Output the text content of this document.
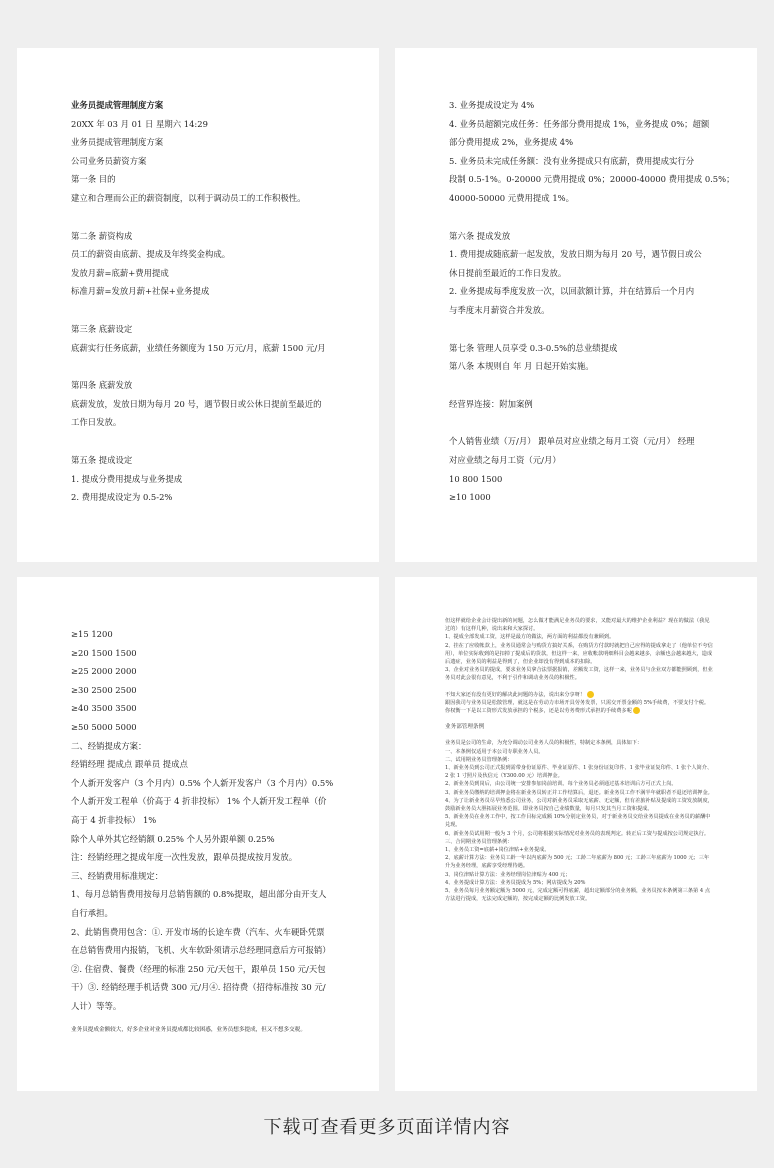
业务员提成管理制度方案
20XX 年 03 月 01 日 星期六 14:29
业务员提成管理制度方案
公司业务员薪资方案
第一条 目的
建立和合理而公正的薪资制度，以利于调动员工的工作积极性。
第二条 薪资构成
员工的薪资由底薪、提成及年终奖金构成。
发放月薪=底薪+费用提成
标准月薪=发放月薪+社保+业务提成
第三条 底薪设定
底薪实行任务底薪，业绩任务额度为 150 万元/月，底薪 1500 元/月
第四条 底薪发放
底薪发放，发放日期为每月 20 号，遇节假日或公休日提前至最近的
工作日发放。
第五条 提成设定
1. 提成分费用提成与业务提成
2. 费用提成设定为 0.5-2%
3. 业务提成设定为 4%
4. 业务员超额完成任务：任务部分费用提成 1%，业务提成 0%；超额
部分费用提成 2%，业务提成 4%
5. 业务员未完成任务额：没有业务提成只有底薪，费用提成实行分
段制 0.5-1%。0-20000 元费用提成 0%；20000-40000 费用提成 0.5%；
40000-50000 元费用提成 1%。
第六条 提成发放
1. 费用提成随底薪一起发放，发放日期为每月 20 号，遇节假日或公
休日提前至最近的工作日发放。
2. 业务提成每季度发放一次，以回款额计算，并在结算后一个月内
与季度末月薪资合并发放。
第七条 管理人员享受 0.3-0.5%的总业绩提成
第八条 本规则自 年 月 日起开始实施。
经营界连接：附加案例
个人销售业绩（万/月） 跟单员对应业绩之每月工资（元/月） 经理
对应业绩之每月工资（元/月）
10 800 1500
≥10 1000
≥15 1200
≥20 1500 1500
≥25 2000 2000
≥30 2500 2500
≥40 3500 3500
≥50 5000 5000
二、经销提成方案：
经销经理 提成点 跟单员 提成点
个人新开发客户（3 个月内）0.5% 个人新开发客户（3 个月内）0.5%
个人新开发工程单（价高于 4 折非投标） 1% 个人新开发工程单（价
高于 4 折非投标） 1%
除个人单外其它经销额 0.25% 个人另外跟单额 0.25%
注：经销经理之提成年度一次性发放，跟单员提成按月发放。
三、经销费用标准规定：
1、每月总销售费用按每月总销售额的 0.8%提取，超出部分由开支人
自行承担。
2、此销售费用包含：①. 开发市场的长途车费（汽车、火车硬卧凭票
在总销售费用内报销，飞机、火车软卧须请示总经理同意后方可报销）
②. 住宿费、餐费（经理的标准 250 元/天包干，跟单员 150 元/天包
干）③. 经销经理手机话费 300 元/月④. 招待费（招待标准按 30 元/
人计）等等。
业务员提成金额较大，好多企业对业务员提成都比较困惑，业务员想多提成，但又不想多交税。
但这样就给企业会计提出新的问题，怎么做才能满足业务员的要求，又能对最大的维护企业利益？现在的做法（我见过的）有这样几种，说出来和大家探讨。
1、提成全部发成工资，这样是最方的做法，两方面的利益都没有兼顾到。
2、挂在了应收帐款上，业务员通常会与购货方搞好关系，在购货方付款时就把自己应得的提成拿走了（他单位不夸信用），单位实际收到的是扣掉了提成后的货款，但这样一来，应收帐款明细科目会越来越多，余额也会越来越大，造成后遗症，业务员的利益是得到了，但企业却没有得到成本的扣除。
3、企业对业务员的提成，要求业务员拿合法票据报销，差额发工资，这样一来，业务员与企业双方都能照顾到，但业务员对此会很有意见，不利于引作和调动业务员的积极性。
不知大家还有没有更好的解决此问题的办法，说出来分享呀！
跟因我司与业务员是松散管理，就这是在劳动力市场开具劳务发票，只需交开票金额的 5%手续费，不要支付个税。你权衡一下是以工资形式发放承担的个税多，还是以劳务费形式承担的手续费多呢
业务部管理条例
业务员是公司的生命，为充分调动公司业务人员的积极性，特制定本条例，具体如下：
一、本条例仅适用于本公司专职业务人员。
二、试用期业务员管理条例：
1、新业务员到公司正式报到需带身份证原件、毕业证原件、1 张身份证复印件、1 张毕业证复印件、1 张个人简介、2 张 1 寸照片及伙信元（Y300.00 元）培训押金。
2、新业务员到岗后，由公司统一安排参加岗前培训。每个业务员必须通过基本培训后方可正式上岗。
3、新业务员缴纳的培训押金将在新业务员转正并工作结算后，退还。新业务员工作不满半年就职者不退还培训押金。
4、为了让新业务员尽早热悉公司业务，公司对新业务员采取无底薪、无定额，但有差旅补贴及提成的工资发放制度，鼓励新业务员大胆拓展业务范围。即业务员按自己业绩数量，每月只发其当月工资和提成。
5、新业务员在业务工作中，按工作目标完成额 10%分别定业务员，对于新业务员交给业务员提成在业务员的薪酬中兑现。
6、新业务员试用期一般为 3 个月，公司将根据实际情况对业务员的表现判定。转正后工资与提成按公司规定执行。
三、合同期业务员管理条例：
1、业务员工资=底薪+岗位津贴+业务提成。
2、底薪计算方法：业务员工龄一年以内底薪为 500 元；工龄二年底薪为 800 元；工龄三年底薪为 1000 元；三年升为业务经理，底薪享受经理待遇。
3、岗位津贴计算方法：业务经理岗位津贴为 400 元；
4、业务提成计算方法：业务员提成为 5%；网店提成为 20%
5、业务员每月业务额定额为 5000 元，完成定额可得底薪，超出定额部分的业务额，业务员按本条例第三条第 4 点方法进行提成，无法完成定额的，按完成定额的比例发放工资。
下载可查看更多页面详情内容
